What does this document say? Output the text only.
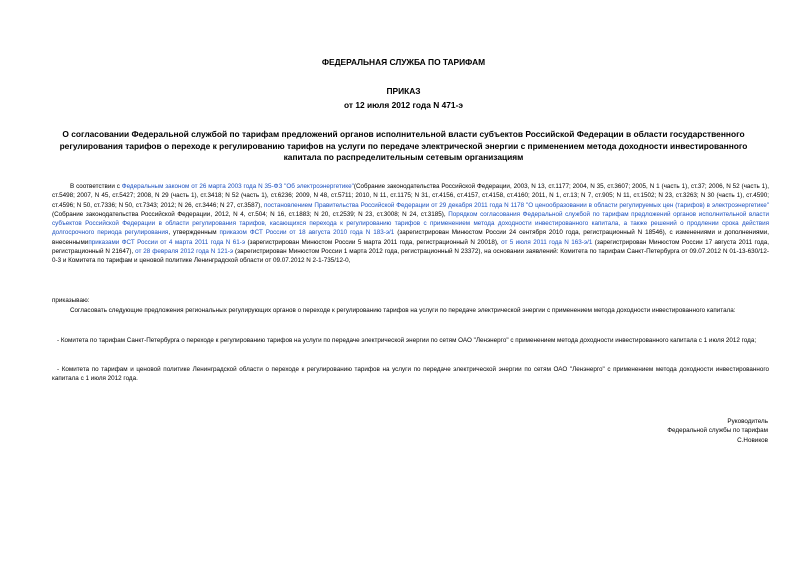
ФЕДЕРАЛЬНАЯ СЛУЖБА ПО ТАРИФАМ
ПРИКАЗ
от 12 июля 2012 года N 471-э
О согласовании Федеральной службой по тарифам предложений органов исполнительной власти субъектов Российской Федерации в области государственного регулирования тарифов о переходе к регулированию тарифов на услуги по передаче электрической энергии с применением метода доходности инвестированного капитала по распределительным сетевым организациям
В соответствии с Федеральным законом от 26 марта 2003 года N 35-ФЗ "Об электроэнергетике"(Собрание законодательства Российской Федерации, 2003, N 13, ст.1177; 2004, N 35, ст.3607; 2005, N 1 (часть 1), ст.37; 2006, N 52 (часть 1), ст.5498; 2007, N 45, ст.5427; 2008, N 29 (часть 1), ст.3418; N 52 (часть 1), ст.6236; 2009, N 48, ст.5711; 2010, N 11, ст.1175; N 31, ст.4156, ст.4157, ст.4158, ст.4160; 2011, N 1, ст.13; N 7, ст.905; N 11, ст.1502; N 23, ст.3263; N 30 (часть 1), ст.4590; ст.4596; N 50, ст.7336; N 50, ст.7343; 2012; N 26, ст.3446; N 27, ст.3587), постановлением Правительства Российской Федерации от 29 декабря 2011 года N 1178 "О ценообразовании в области регулируемых цен (тарифов) в электроэнергетике" (Собрание законодательства Российской Федерации, 2012, N 4, ст.504; N 16, ст.1883; N 20, ст.2539; N 23, ст.3008; N 24, ст.3185), Порядком согласования Федеральной службой по тарифам предложений органов исполнительной власти субъектов Российской Федерации в области регулирования тарифов, касающихся перехода к регулированию тарифов с применением метода доходности инвестированного капитала, а также решений о продлении срока действия долгосрочного периода регулирования, утвержденным приказом ФСТ России от 18 августа 2010 года N 183-э/1 (зарегистрирован Минюстом России 24 сентября 2010 года, регистрационный N 18546), с изменениями и дополнениями, внесеннымиприказами ФСТ России от 4 марта 2011 года N 61-э (зарегистрирован Минюстом России 5 марта 2011 года, регистрационный N 20018), от 5 июля 2011 года N 163-э/1 (зарегистрирован Минюстом России 17 августа 2011 года, регистрационный N 21647), от 28 февраля 2012 года N 121-э (зарегистрирован Минюстом России 1 марта 2012 года, регистрационный N 23372), на основании заявлений: Комитета по тарифам Санкт-Петербурга от 09.07.2012 N 01-13-630/12-0-3 и Комитета по тарифам и ценовой политике Ленинградской области от 09.07.2012 N 2-1-735/12-0,
приказываю:
Согласовать следующие предложения региональных регулирующих органов о переходе к регулированию тарифов на услуги по передаче электрической энергии с применением метода доходности инвестированного капитала:
- Комитета по тарифам Санкт-Петербурга о переходе к регулированию тарифов на услуги по передаче электрической энергии по сетям ОАО "Ленэнерго" с применением метода доходности инвестированного капитала с 1 июля 2012 года;
- Комитета по тарифам и ценовой политике Ленинградской области о переходе к регулированию тарифов на услуги по передаче электрической энергии по сетям ОАО "Ленэнерго" с применением метода доходности инвестированного капитала с 1 июля 2012 года.
Руководитель
Федеральной службы по тарифам
С.Новиков
